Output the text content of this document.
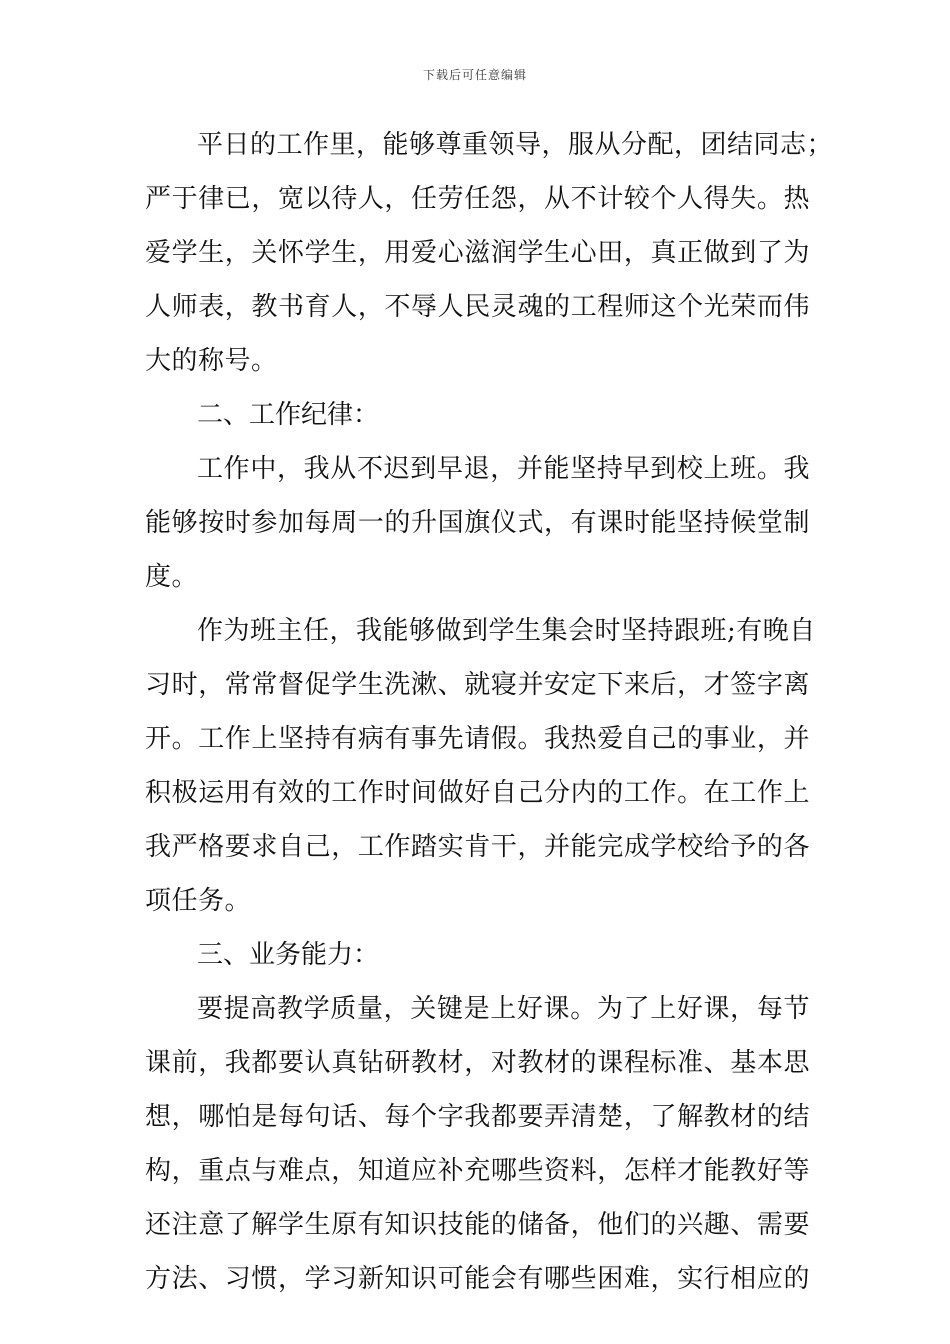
下载后可任意编辑
平日的工作里，能够尊重领导，服从分配，团结同志；
严于律已，宽以待人，任劳任怨，从不计较个人得失。热
爱学生，关怀学生，用爱心滋润学生心田，真正做到了为
人师表，教书育人，不辱人民灵魂的工程师这个光荣而伟
大的称号。
二、工作纪律：
工作中，我从不迟到早退，并能坚持早到校上班。我
能够按时参加每周一的升国旗仪式，有课时能坚持候堂制
度。
作为班主任，我能够做到学生集会时坚持跟班;有晚自
习时，常常督促学生洗漱、就寝并安定下来后，才签字离
开。工作上坚持有病有事先请假。我热爱自己的事业，并
积极运用有效的工作时间做好自己分内的工作。在工作上
我严格要求自己，工作踏实肯干，并能完成学校给予的各
项任务。
三、业务能力：
要提高教学质量，关键是上好课。为了上好课，每节
课前，我都要认真钻研教材，对教材的课程标准、基本思
想，哪怕是每句话、每个字我都要弄清楚，了解教材的结
构，重点与难点，知道应补充哪些资料，怎样才能教好等
还注意了解学生原有知识技能的储备，他们的兴趣、需要
方法、习惯，学习新知识可能会有哪些困难，实行相应的
